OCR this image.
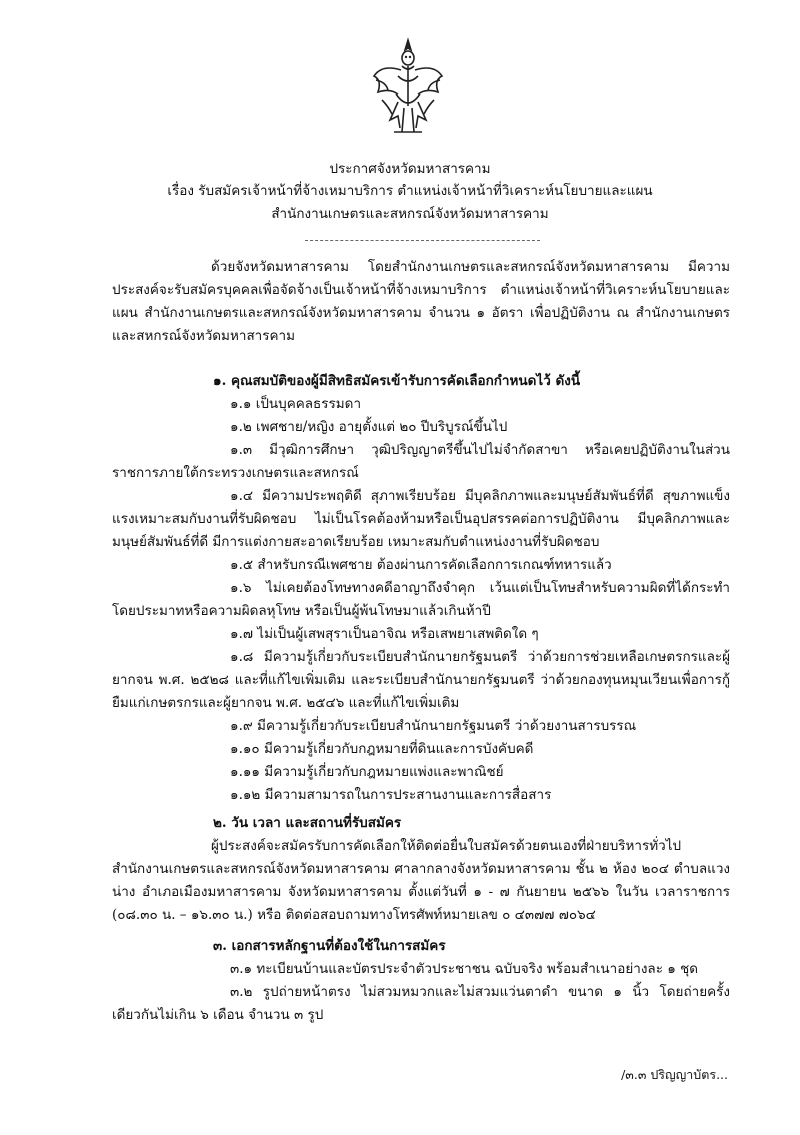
ประกาศจังหวัดมหาสารคาม
เรื่อง รับสมัครเจ้าหน้าที่จ้างเหมาบริการ ตำแหน่งเจ้าหน้าที่วิเคราะห์นโยบายและแผน
สำนักงานเกษตรและสหกรณ์จังหวัดมหาสารคาม
ด้วยจังหวัดมหาสารคาม โดยสำนักงานเกษตรและสหกรณ์จังหวัดมหาสารคาม มีความประสงค์จะรับสมัครบุคคลเพื่อจัดจ้างเป็นเจ้าหน้าที่จ้างเหมาบริการ ตำแหน่งเจ้าหน้าที่วิเคราะห์นโยบายและแผน สำนักงานเกษตรและสหกรณ์จังหวัดมหาสารคาม จำนวน ๑ อัตรา เพื่อปฏิบัติงาน ณ สำนักงานเกษตรและสหกรณ์จังหวัดมหาสารคาม
๑. คุณสมบัติของผู้มีสิทธิสมัครเข้ารับการคัดเลือกกำหนดไว้ ดังนี้
๑.๑ เป็นบุคคลธรรมดา
๑.๒ เพศชาย/หญิง อายุตั้งแต่ ๒๐ ปีบริบูรณ์ขึ้นไป
๑.๓ มีวุฒิการศึกษา วุฒิปริญญาตรีขึ้นไปไม่จำกัดสาขา หรือเคยปฏิบัติงานในส่วนราชการภายใต้กระทรวงเกษตรและสหกรณ์
๑.๔ มีความประพฤติดี สุภาพเรียบร้อย มีบุคลิกภาพและมนุษย์สัมพันธ์ที่ดี สุขภาพแข็งแรงเหมาะสมกับงานที่รับผิดชอบ ไม่เป็นโรคต้องห้ามหรือเป็นอุปสรรคต่อการปฏิบัติงาน มีบุคลิกภาพและมนุษย์สัมพันธ์ที่ดี มีการแต่งกายสะอาดเรียบร้อย เหมาะสมกับตำแหน่งงานที่รับผิดชอบ
๑.๕ สำหรับกรณีเพศชาย ต้องผ่านการคัดเลือกการเกณฑ์ทหารแล้ว
๑.๖ ไม่เคยต้องโทษทางคดีอาญาถึงจำคุก เว้นแต่เป็นโทษสำหรับความผิดที่ได้กระทำโดยประมาทหรือความผิดลหุโทษ หรือเป็นผู้พ้นโทษมาแล้วเกินห้าปี
๑.๗ ไม่เป็นผู้เสพสุราเป็นอาจิณ หรือเสพยาเสพติดใด ๆ
๑.๘ มีความรู้เกี่ยวกับระเบียบสำนักนายกรัฐมนตรี ว่าด้วยการช่วยเหลือเกษตรกรและผู้ยากจน พ.ศ. ๒๕๒๘ และที่แก้ไขเพิ่มเติม และระเบียบสำนักนายกรัฐมนตรี ว่าด้วยกองทุนหมุนเวียนเพื่อการกู้ยืมแก่เกษตรกรและผู้ยากจน พ.ศ. ๒๕๔๖ และที่แก้ไขเพิ่มเติม
๑.๙ มีความรู้เกี่ยวกับระเบียบสำนักนายกรัฐมนตรี ว่าด้วยงานสารบรรณ
๑.๑๐ มีความรู้เกี่ยวกับกฎหมายที่ดินและการบังคับคดี
๑.๑๑ มีความรู้เกี่ยวกับกฎหมายแพ่งและพาณิชย์
๑.๑๒ มีความสามารถในการประสานงานและการสื่อสาร
๒. วัน เวลา และสถานที่รับสมัคร
ผู้ประสงค์จะสมัครรับการคัดเลือกให้ติดต่อยื่นใบสมัครด้วยตนเองที่ฝ่ายบริหารทั่วไป สำนักงานเกษตรและสหกรณ์จังหวัดมหาสารคาม ศาลากลางจังหวัดมหาสารคาม ชั้น ๒ ห้อง ๒๐๔ ตำบลแวงน่าง อำเภอเมืองมหาสารคาม จังหวัดมหาสารคาม ตั้งแต่วันที่ ๑ - ๗ กันยายน ๒๕๖๖ ในวัน เวลาราชการ (๐๘.๓๐ น. – ๑๖.๓๐ น.) หรือ ติดต่อสอบถามทางโทรศัพท์หมายเลข ๐ ๔๓๗๗ ๗๐๖๔
๓. เอกสารหลักฐานที่ต้องใช้ในการสมัคร
๓.๑ ทะเบียนบ้านและบัตรประจำตัวประชาชน ฉบับจริง พร้อมสำเนาอย่างละ ๑ ชุด
๓.๒ รูปถ่ายหน้าตรง ไม่สวมหมวกและไม่สวมแว่นตาดำ ขนาด ๑ นิ้ว โดยถ่ายครั้งเดียวกันไม่เกิน ๖ เดือน จำนวน ๓ รูป
/๓.๓ ปริญญาบัตร...
